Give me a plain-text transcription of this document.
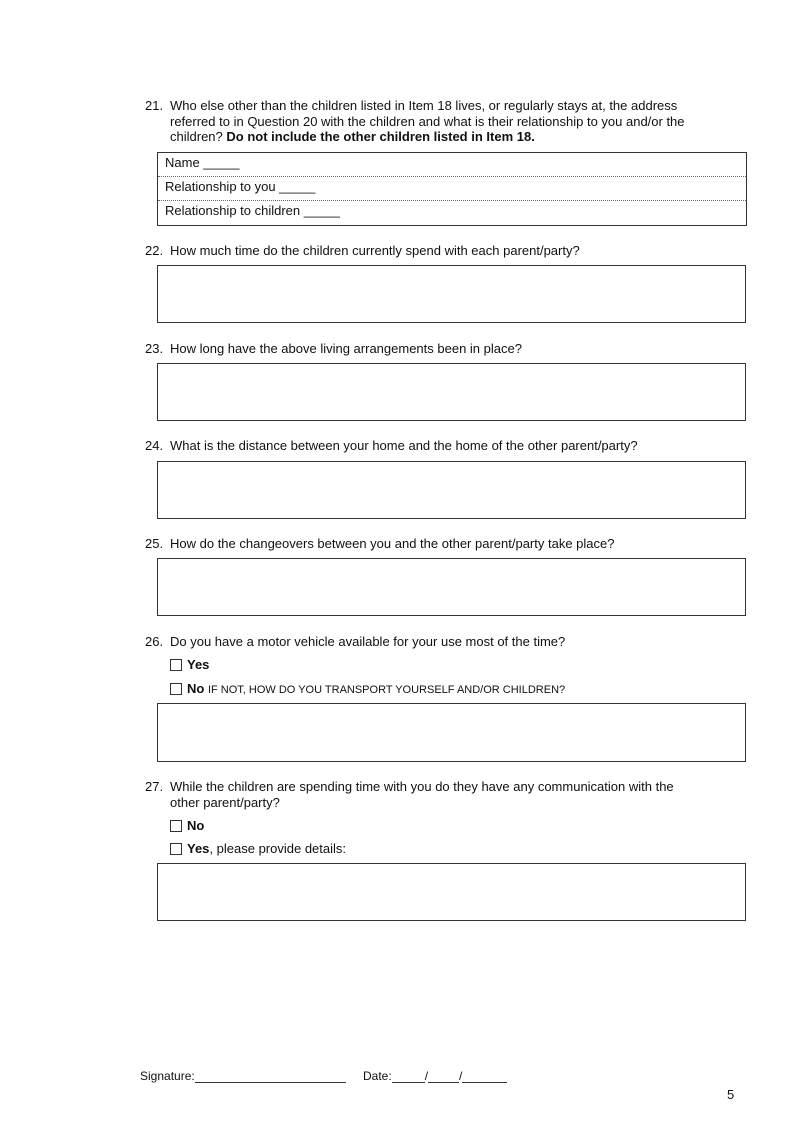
21. Who else other than the children listed in Item 18 lives, or regularly stays at, the address referred to in Question 20 with the children and what is their relationship to you and/or the children? Do not include the other children listed in Item 18.
Name _____
Relationship to you _____
Relationship to children _____
22. How much time do the children currently spend with each parent/party?
23. How long have the above living arrangements been in place?
24. What is the distance between your home and the home of the other parent/party?
25. How do the changeovers between you and the other parent/party take place?
26. Do you have a motor vehicle available for your use most of the time?
Yes
No IF NOT, HOW DO YOU TRANSPORT YOURSELF AND/OR CHILDREN?
27. While the children are spending time with you do they have any communication with the other parent/party?
No
Yes, please provide details:
Signature:	Date:	/	/
5
